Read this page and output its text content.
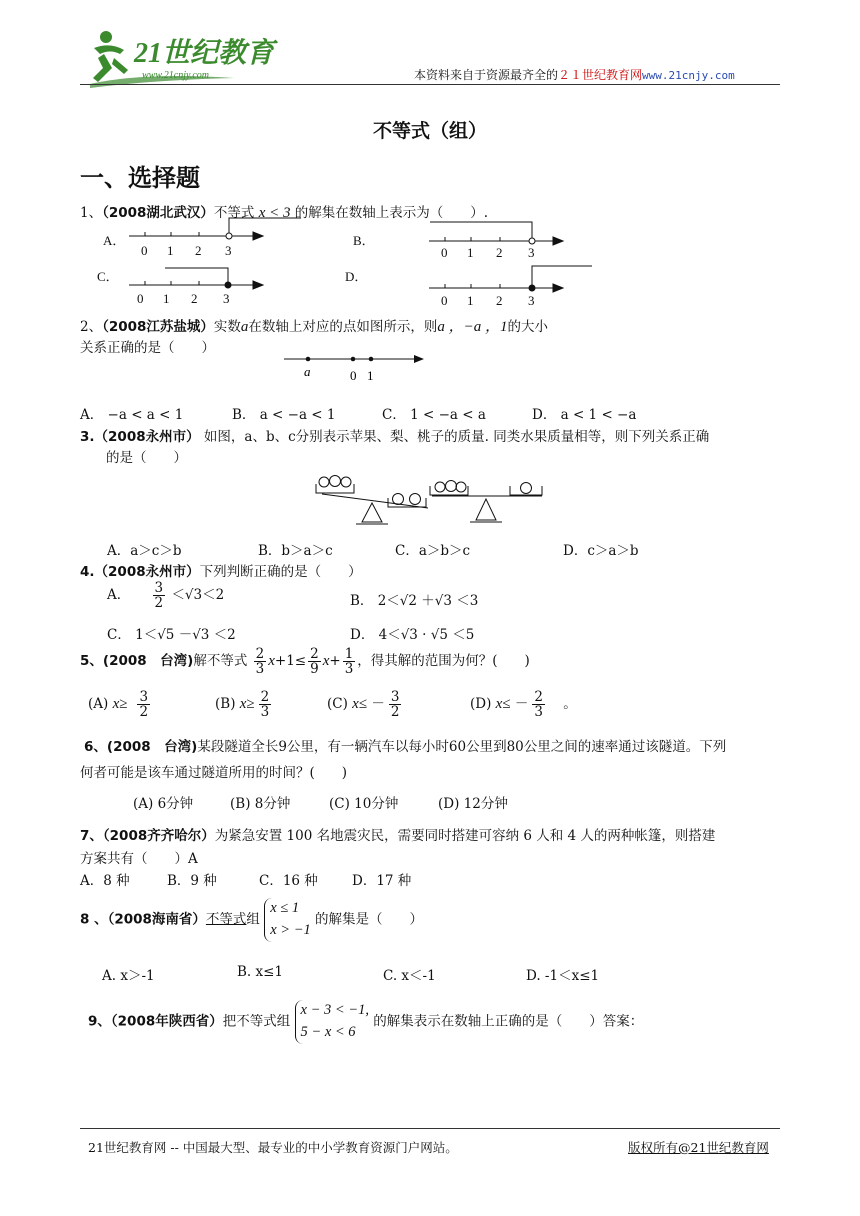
21世纪教育
www.21cnjy.com	本资料来自于资源最齐全的２１世纪教育网www.21cnjy.com
不等式（组）
一、选择题
1、（2008湖北武汉）不等式 x < 3 的解集在数轴上表示为（　　）.
A．
0 1 2 3
B．
0 1 2 3
C．
0 1 2 3
D．
0 1 2 3
2、（2008江苏盐城）实数a在数轴上对应的点如图所示，则a ，−a ，1的大小
关系正确的是（　　）
a	0 1
A． −a < a < 1	B． a < −a < 1	C． 1 < −a < a	D． a < 1 < −a
3.（2008永州市） 如图，a、b、c分别表示苹果、梨、桃子的质量. 同类水果质量相等，则下列关系正确
的是（　　）
A．a＞c＞b	B．b＞a＞c	C．a＞b＞c	D．c＞a＞b
4.（2008永州市）下列判断正确的是（　　）
A． $\frac{3}{2} <√3<2$	B． 2＜√2 ＋√3 ＜3
C． 1＜√5 －√3 ＜2	D． 4＜√3 · √5 ＜5
5、(2008　台湾)解不等式 $\frac{2}{3} x+1\le \frac{2}{9} x+ \frac{1}{3}$ ，得其解的范围为何？(　　)
(A) $x\ge \frac{3}{2}$	(B) $x\ge \frac{2}{3}$	(C) $x\le - \frac{3}{2}$	(D) $x\le - \frac{2}{3}$ 。
6、(2008　台湾)某段隧道全长9公里，有一辆汽车以每小时60公里到80公里之间的速率通过该隧道。下列
何者可能是该车通过隧道所用的时间？(　　)
(A) 6分钟	(B) 8分钟	(C) 10分钟	(D) 12分钟
7、（2008齐齐哈尔）为紧急安置 100 名地震灾民，需要同时搭建可容纳 6 人和 4 人的两种帐篷，则搭建
方案共有（　　）A
A．8 种	B．9 种	C．16 种	D．17 种
8 、（2008海南省）不等式组
x ≤ 1
x > −1
的解集是（　　）
A. x＞-1	B. x≤1	C. x＜-1	D. -1＜x≤1
9、（2008年陕西省）把不等式组
x − 3 < −1,
5 − x < 6
的解集表示在数轴上正确的是（　　）答案：
21世纪教育网 -- 中国最大型、最专业的中小学教育资源门户网站。	版权所有@21世纪教育网
